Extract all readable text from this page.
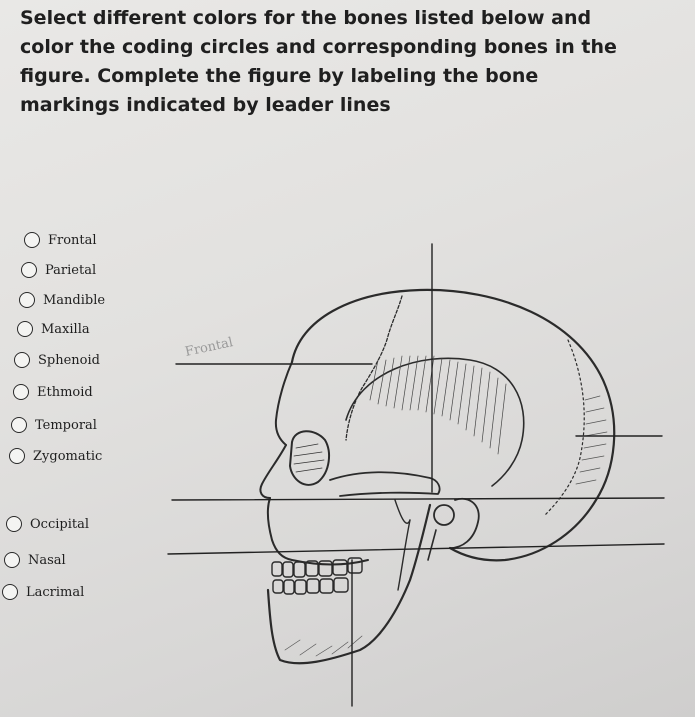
Select different colors for the bones listed below and color the coding circles and corresponding bones in the figure. Complete the figure by labeling the bone markings indicated by leader lines

Frontal
Parietal
Mandible
Maxilla
Sphenoid
Ethmoid
Temporal
Zygomatic
Occipital
Nasal
Lacrimal
Frontal
